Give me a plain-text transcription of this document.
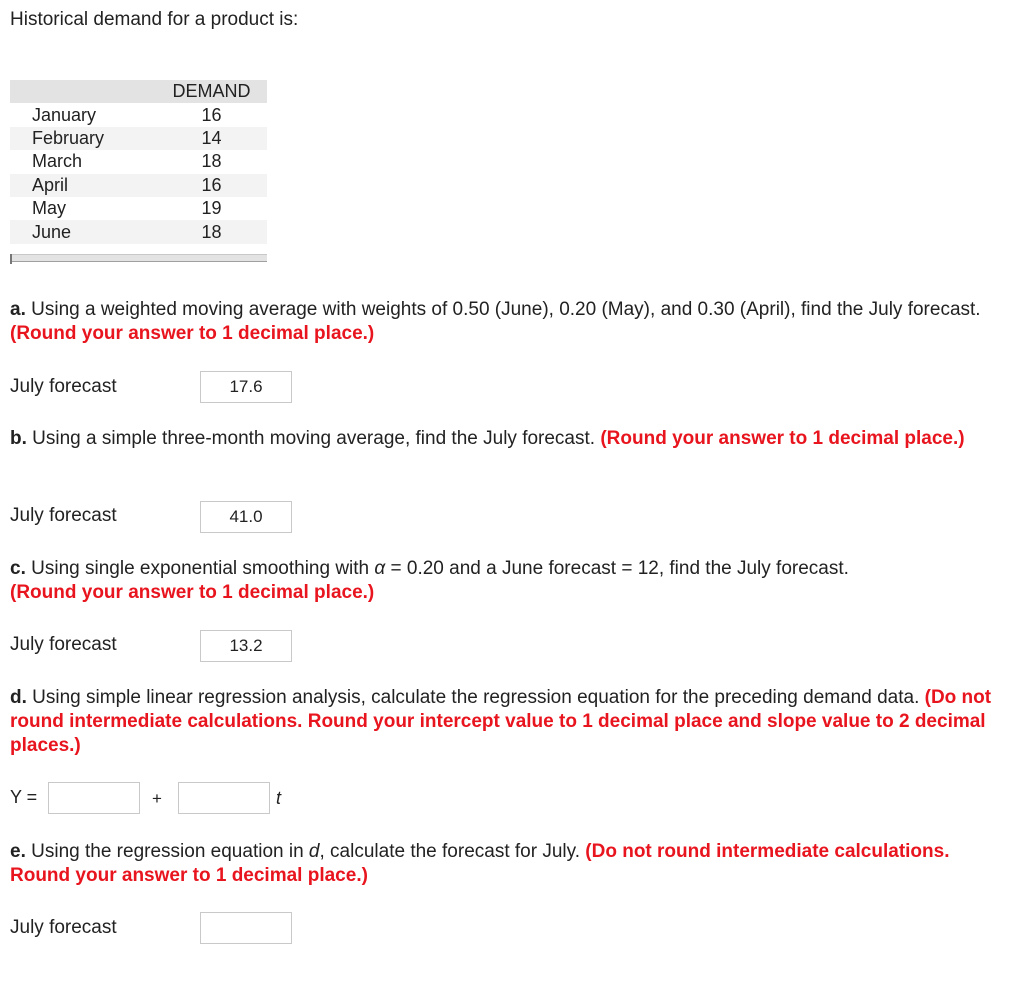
Historical demand for a product is:
	DEMAND
January	16
February	14
March	18
April	16
May	19
June	18
a. Using a weighted moving average with weights of 0.50 (June), 0.20 (May), and 0.30 (April), find the July forecast. (Round your answer to 1 decimal place.)
July forecast
17.6
b. Using a simple three-month moving average, find the July forecast. (Round your answer to 1 decimal place.)
July forecast
41.0
c. Using single exponential smoothing with α = 0.20 and a June forecast = 12, find the July forecast.
(Round your answer to 1 decimal place.)
July forecast
13.2
d. Using simple linear regression analysis, calculate the regression equation for the preceding demand data. (Do not round intermediate calculations. Round your intercept value to 1 decimal place and slope value to 2 decimal places.)
Y =	+	t
e. Using the regression equation in d, calculate the forecast for July. (Do not round intermediate calculations. Round your answer to 1 decimal place.)
July forecast
